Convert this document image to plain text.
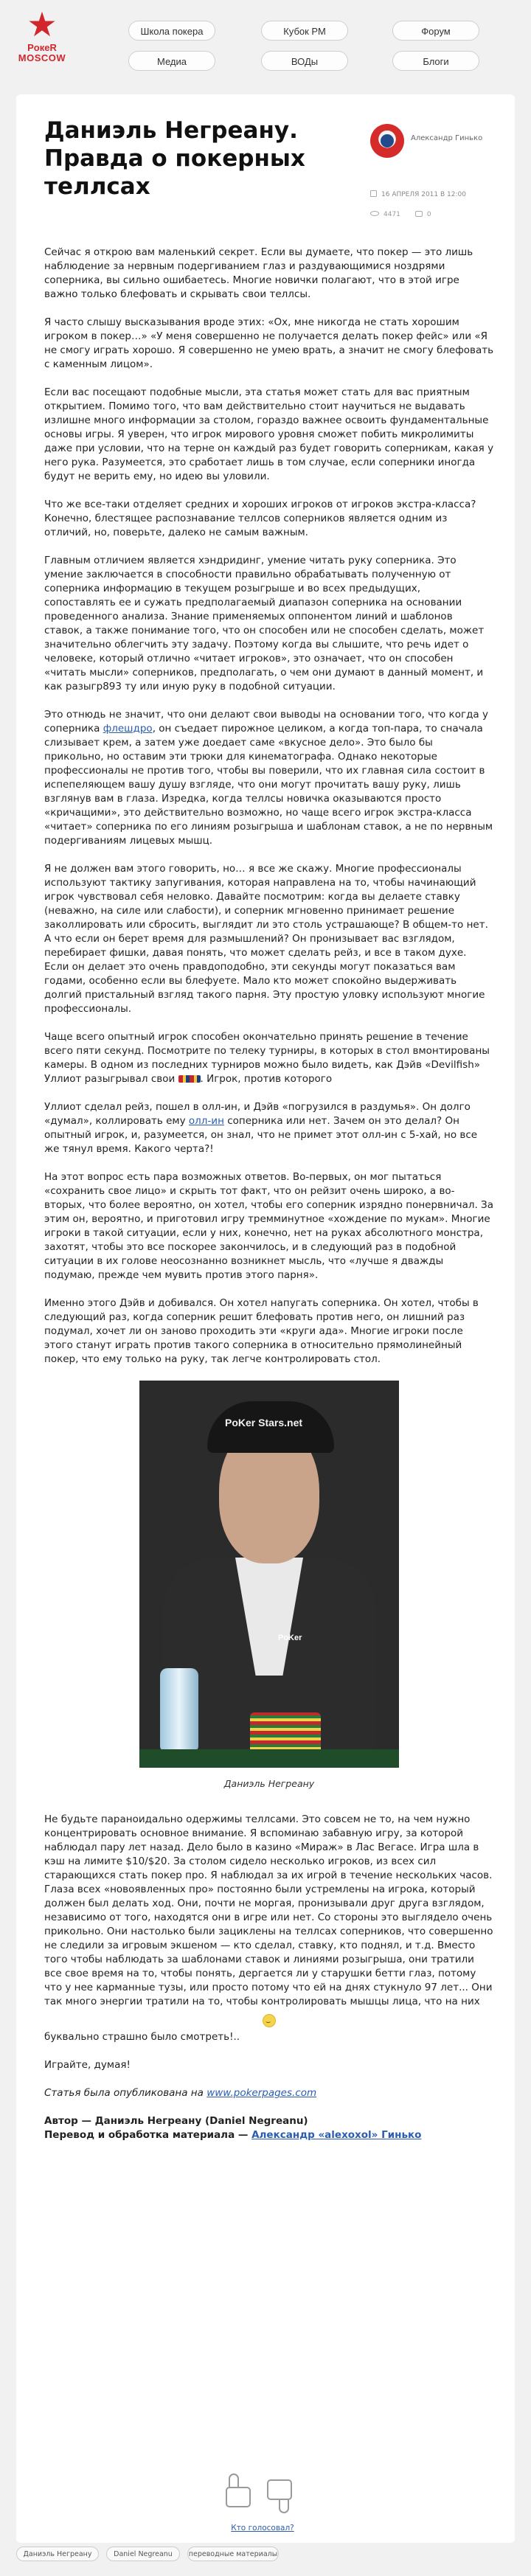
★
PoкeR
MOSCOW
Школа покера	Кубок РМ	Форум
Медиа	ВОДы	Блоги
Даниэль Негреану. Правда о покерных теллсах
Александр Гинько
16 АПРЕЛЯ 2011 В 12:00
4471	0

Сейчас я открою вам маленький секрет. Если вы думаете, что покер — это лишь наблюдение за нервным подергиванием глаз и раздувающимися ноздрями соперника, вы сильно ошибаетесь. Многие новички полагают, что в этой игре важно только блефовать и скрывать свои теллсы.

Я часто слышу высказывания вроде этих: «Ох, мне никогда не стать хорошим игроком в покер…» «У меня совершенно не получается делать покер фейс» или «Я не смогу играть хорошо. Я совершенно не умею врать, а значит не смогу блефовать с каменным лицом».

Если вас посещают подобные мысли, эта статья может стать для вас приятным открытием. Помимо того, что вам действительно стоит научиться не выдавать излишне много информации за столом, гораздо важнее освоить фундаментальные основы игры. Я уверен, что игрок мирового уровня сможет побить микролимиты даже при условии, что на терне он каждый раз будет говорить соперникам, какая у него рука. Разумеется, это сработает лишь в том случае, если соперники иногда будут не верить ему, но идею вы уловили.

Что же все-таки отделяет средних и хороших игроков от игроков экстра-класса? Конечно, блестящее распознавание теллсов соперников является одним из отличий, но, поверьте, далеко не самым важным.

Главным отличием является хэндридинг, умение читать руку соперника. Это умение заключается в способности правильно обрабатывать полученную от соперника информацию в текущем розыгрыше и во всех предыдущих, сопоставлять ее и сужать предполагаемый диапазон соперника на основании проведенного анализа. Знание применяемых оппонентом линий и шаблонов ставок, а также понимание того, что он способен или не способен сделать, может значительно облегчить эту задачу. Поэтому когда вы слышите, что речь идет о человеке, который отлично «читает игроков», это означает, что он способен «читать мысли» соперников, предполагать, о чем они думают в данный момент, и как разыгр893 ту или иную руку в подобной ситуации.

Это отнюдь не значит, что они делают свои выводы на основании того, что когда у соперника флешдро, он съедает пирожное целиком, а когда топ-пара, то сначала слизывает крем, а затем уже доедает саме «вкусное дело». Это было бы прикольно, но оставим эти трюки для кинематографа. Однако некоторые профессионалы не против того, чтобы вы поверили, что их главная сила состоит в испепеляющем вашу душу взгляде, что они могут прочитать вашу руку, лишь взглянув вам в глаза. Изредка, когда теллсы новичка оказываются просто «кричащими», это действительно возможно, но чаще всего игрок экстра-класса «читает» соперника по его линиям розыгрыша и шаблонам ставок, а не по нервным подергиваниям лицевых мышц.

Я не должен вам этого говорить, но… я все же скажу. Многие профессионалы используют тактику запугивания, которая направлена на то, чтобы начинающий игрок чувствовал себя неловко. Давайте посмотрим: когда вы делаете ставку (неважно, на силе или слабости), и соперник мгновенно принимает решение заколлировать или сбросить, выглядит ли это столь устрашающе? В общем-то нет. А что если он берет время для размышлений? Он пронизывает вас взглядом, перебирает фишки, давая понять, что может сделать рейз, и все в таком духе. Если он делает это очень правдоподобно, эти секунды могут показаться вам годами, особенно если вы блефуете. Мало кто может спокойно выдерживать долгий пристальный взгляд такого парня. Эту простую уловку используют многие профессионалы.

Чаще всего опытный игрок способен окончательно принять решение в течение всего пяти секунд. Посмотрите по телеку турниры, в которых в стол вмонтированы камеры. В одном из последних турниров можно было видеть, как Дэйв «Devilfish» Уллиот разыгрывал свои . Игрок, против которого

Уллиот сделал рейз, пошел в олл-ин, и Дэйв «погрузился в раздумья». Он долго «думал», коллировать ему олл-ин соперника или нет. Зачем он это делал? Он опытный игрок, и, разумеется, он знал, что не примет этот олл-ин с 5-хай, но все же тянул время. Какого черта?!

На этот вопрос есть пара возможных ответов. Во-первых, он мог пытаться «сохранить свое лицо» и скрыть тот факт, что он рейзит очень широко, а во-вторых, что более вероятно, он хотел, чтобы его соперник изрядно понервничал. За этим он, вероятно, и приготовил игру тремминутное «хождение по мукам». Многие игроки в такой ситуации, если у них, конечно, нет на руках абсолютного монстра, захотят, чтобы это все поскорее закончилось, и в следующий раз в подобной ситуации в их голове неосознанно возникнет мысль, что «лучше я дважды подумаю, прежде чем мувить против этого парня».

Именно этого Дэйв и добивался. Он хотел напугать соперника. Он хотел, чтобы в следующий раз, когда соперник решит блефовать против него, он лишний раз подумал, хочет ли он заново проходить эти «круги ада». Многие игроки после этого станут играть против такого соперника в относительно прямолинейный покер, что ему только на руку, так легче контролировать стол.

PoKer Stars.net
PoKer
Даниэль Негреану

Не будьте параноидально одержимы теллсами. Это совсем не то, на чем нужно концентрировать основное внимание. Я вспоминаю забавную игру, за которой наблюдал пару лет назад. Дело было в казино «Мираж» в Лас Вегасе. Игра шла в кэш на лимите $10/$20. За столом сидело несколько игроков, из всех сил старающихся стать покер про. Я наблюдал за их игрой в течение нескольких часов. Глаза всех «новоявленных про» постоянно были устремлены на игрока, который должен был делать ход. Они, почти не моргая, пронизывали друг друга взглядом, независимо от того, находятся они в игре или нет. Со стороны это выглядело очень прикольно. Они настолько были зациклены на теллсах соперников, что совершенно не следили за игровым экшеном — кто сделал, ставку, кто поднял, и т.д. Вместо того чтобы наблюдать за шаблонами ставок и линиями розыгрыша, они тратили все свое время на то, чтобы понять, дергается ли у старушки бетти глаз, потому что у нее карманные тузы, или просто потому что ей на днях стукнуло 97 лет... Они так много энергии тратили на то, чтобы контролировать мышцы лица, что на них

⌣

буквально страшно было смотреть!..

Играйте, думая!

Статья была опубликована на www.pokerpages.com

Автор — Даниэль Негреану (Daniel Negreanu)
Перевод и обработка материала — Александр «alexoxol» Гинько
Кто голосовал?
Даниэль Негреану	Daniel Negreanu	переводные материалы
